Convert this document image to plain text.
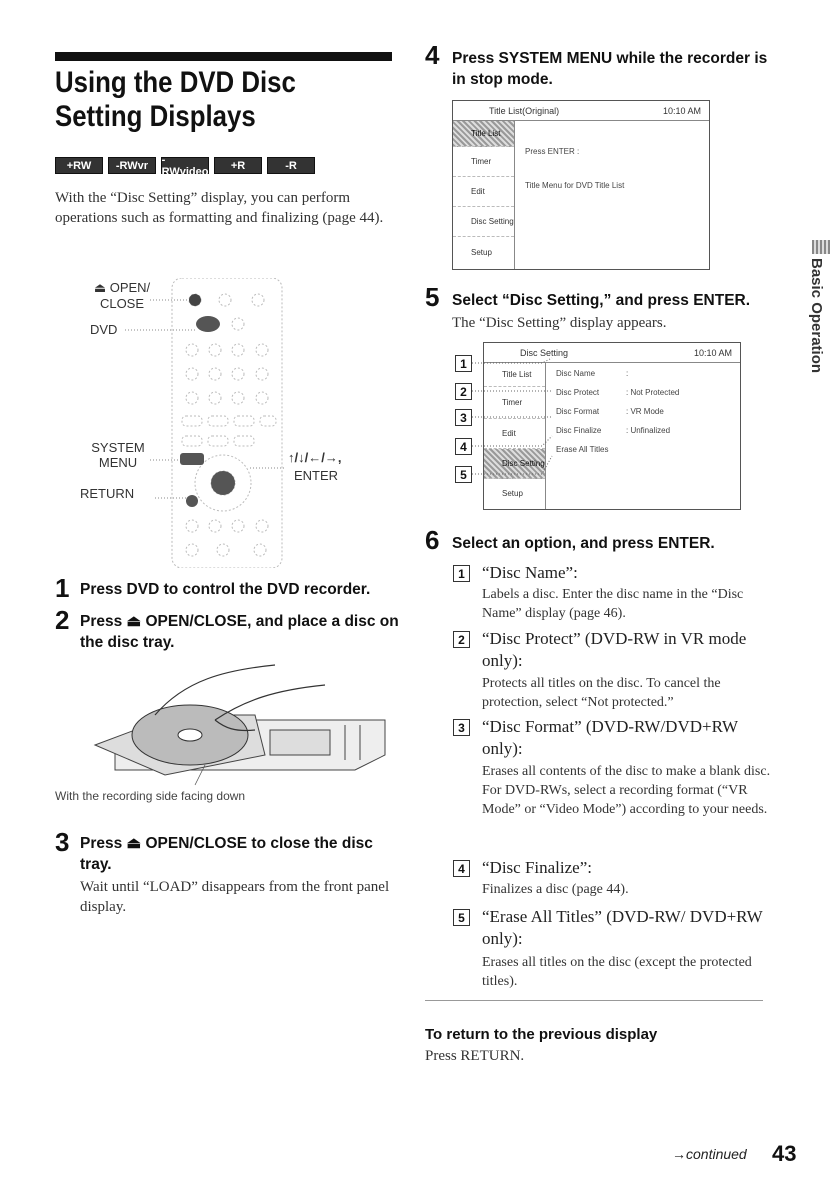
Using the DVD Disc Setting Displays
+RW	-RWvr	-RWvideo	+R	-R
With the “Disc Setting” display, you can perform operations such as formatting and finalizing (page 44).
⏏ OPEN/ CLOSE
DVD
SYSTEM MENU
RETURN
↑/↓/←/→,
ENTER
1 Press DVD to control the DVD recorder.
2 Press ⏏ OPEN/CLOSE, and place a disc on the disc tray.
With the recording side facing down
3 Press ⏏ OPEN/CLOSE to close the disc tray.
Wait until “LOAD” disappears from the front panel display.
4 Press SYSTEM MENU while the recorder is in stop mode.
Title List(Original)	10:10 AM
Title List
Timer
Edit
Disc Setting
Setup
Press ENTER :
Title Menu for DVD Title List
5 Select “Disc Setting,” and press ENTER.
The “Disc Setting” display appears.
Disc Setting	10:10 AM
Title List
Timer
Edit
Disc Setting
Setup
Disc Name	:
Disc Protect	: Not Protected
Disc Format	: VR Mode
Disc Finalize	: Unfinalized
Erase All Titles
1
2
3
4
5
6 Select an option, and press ENTER.
1	“Disc Name”:
Labels a disc. Enter the disc name in the “Disc Name” display (page 46).
2	“Disc Protect” (DVD-RW in VR mode only):
Protects all titles on the disc. To cancel the protection, select “Not protected.”
3	“Disc Format” (DVD-RW/DVD+RW only):
Erases all contents of the disc to make a blank disc. For DVD-RWs, select a recording format (“VR Mode” or “Video Mode”) according to your needs.
4	“Disc Finalize”:
Finalizes a disc (page 44).
5	“Erase All Titles” (DVD-RW/ DVD+RW only):
Erases all titles on the disc (except the protected titles).
To return to the previous display
Press RETURN.
→continued 43
Basic Operation
